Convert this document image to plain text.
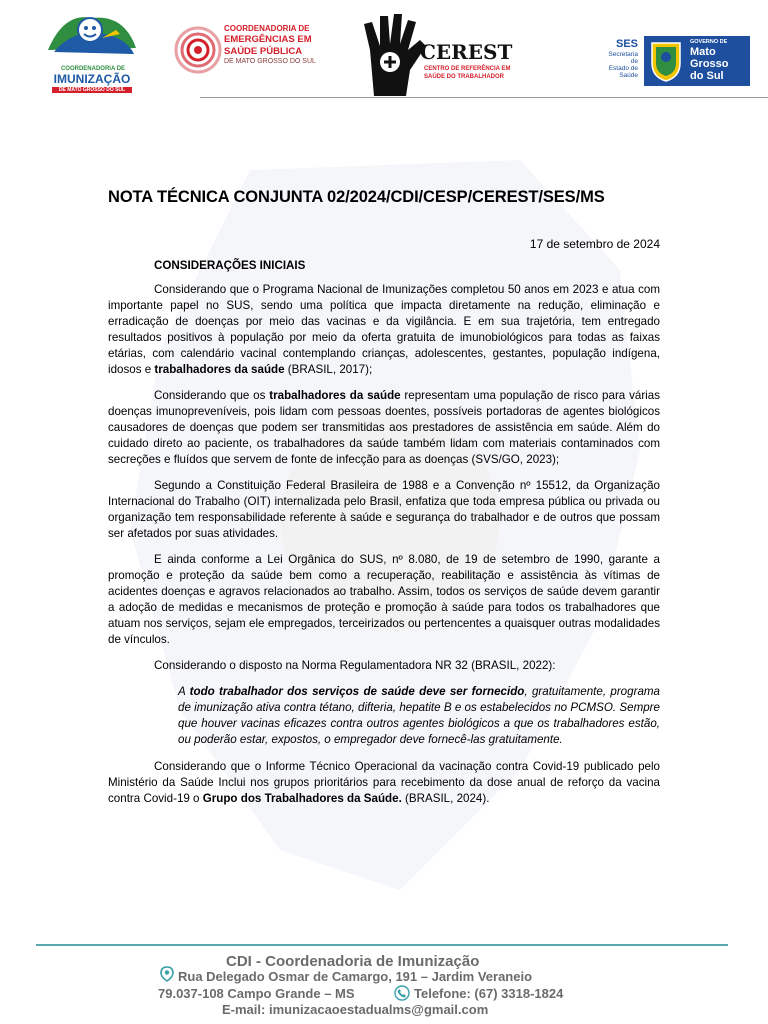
COORDENADORIA DE
IMUNIZAÇÃO
DE MATO GROSSO DO SUL
COORDENADORIA DE
EMERGÊNCIAS EM
SAÚDE PÚBLICA
DE MATO GROSSO DO SUL	CEREST
CENTRO DE REFERÊNCIA EM
SAÚDE DO TRABALHADOR
SES
Secretaria
de
Estado de
Saúde
GOVERNO DE
Mato
Grosso
do Sul
NOTA TÉCNICA CONJUNTA 02/2024/CDI/CESP/CEREST/SES/MS
17 de setembro de 2024
CONSIDERAÇÕES INICIAIS

Considerando que o Programa Nacional de Imunizações completou 50 anos em 2023 e atua com importante papel no SUS, sendo uma política que impacta diretamente na redução, eliminação e erradicação de doenças por meio das vacinas e da vigilância. E em sua trajetória, tem entregado resultados positivos à população por meio da oferta gratuita de imunobiológicos para todas as faixas etárias, com calendário vacinal contemplando crianças, adolescentes, gestantes, população indígena, idosos e trabalhadores da saúde (BRASIL, 2017);

Considerando que os trabalhadores da saúde representam uma população de risco para várias doenças imunopreveníveis, pois lidam com pessoas doentes, possíveis portadoras de agentes biológicos causadores de doenças que podem ser transmitidas aos prestadores de assistência em saúde. Além do cuidado direto ao paciente, os trabalhadores da saúde também lidam com materiais contaminados com secreções e fluídos que servem de fonte de infecção para as doenças (SVS/GO, 2023);

Segundo a Constituição Federal Brasileira de 1988 e a Convenção nº 15512, da Organização Internacional do Trabalho (OIT) internalizada pelo Brasil, enfatiza que toda empresa pública ou privada ou organização tem responsabilidade referente à saúde e segurança do trabalhador e de outros que possam ser afetados por suas atividades.

E ainda conforme a Lei Orgânica do SUS, nº 8.080, de 19 de setembro de 1990, garante a promoção e proteção da saúde bem como a recuperação, reabilitação e assistência às vítimas de acidentes doenças e agravos relacionados ao trabalho. Assim, todos os serviços de saúde devem garantir a adoção de medidas e mecanismos de proteção e promoção à saúde para todos os trabalhadores que atuam nos serviços, sejam ele empregados, terceirizados ou pertencentes a quaisquer outras modalidades de vínculos.

Considerando o disposto na Norma Regulamentadora NR 32 (BRASIL, 2022):

A todo trabalhador dos serviços de saúde deve ser fornecido, gratuitamente, programa de imunização ativa contra tétano, difteria, hepatite B e os estabelecidos no PCMSO. Sempre que houver vacinas eficazes contra outros agentes biológicos a que os trabalhadores estão, ou poderão estar, expostos, o empregador deve fornecê-las gratuitamente.

Considerando que o Informe Técnico Operacional da vacinação contra Covid-19 publicado pelo Ministério da Saúde Inclui nos grupos prioritários para recebimento da dose anual de reforço da vacina contra Covid-19 o Grupo dos Trabalhadores da Saúde. (BRASIL, 2024).

CDI - Coordenadoria de Imunização
Rua Delegado Osmar de Camargo, 191 – Jardim Veraneio
79.037-108 Campo Grande – MS	Telefone: (67) 3318-1824
E-mail: imunizacaoestadualms@gmail.com
